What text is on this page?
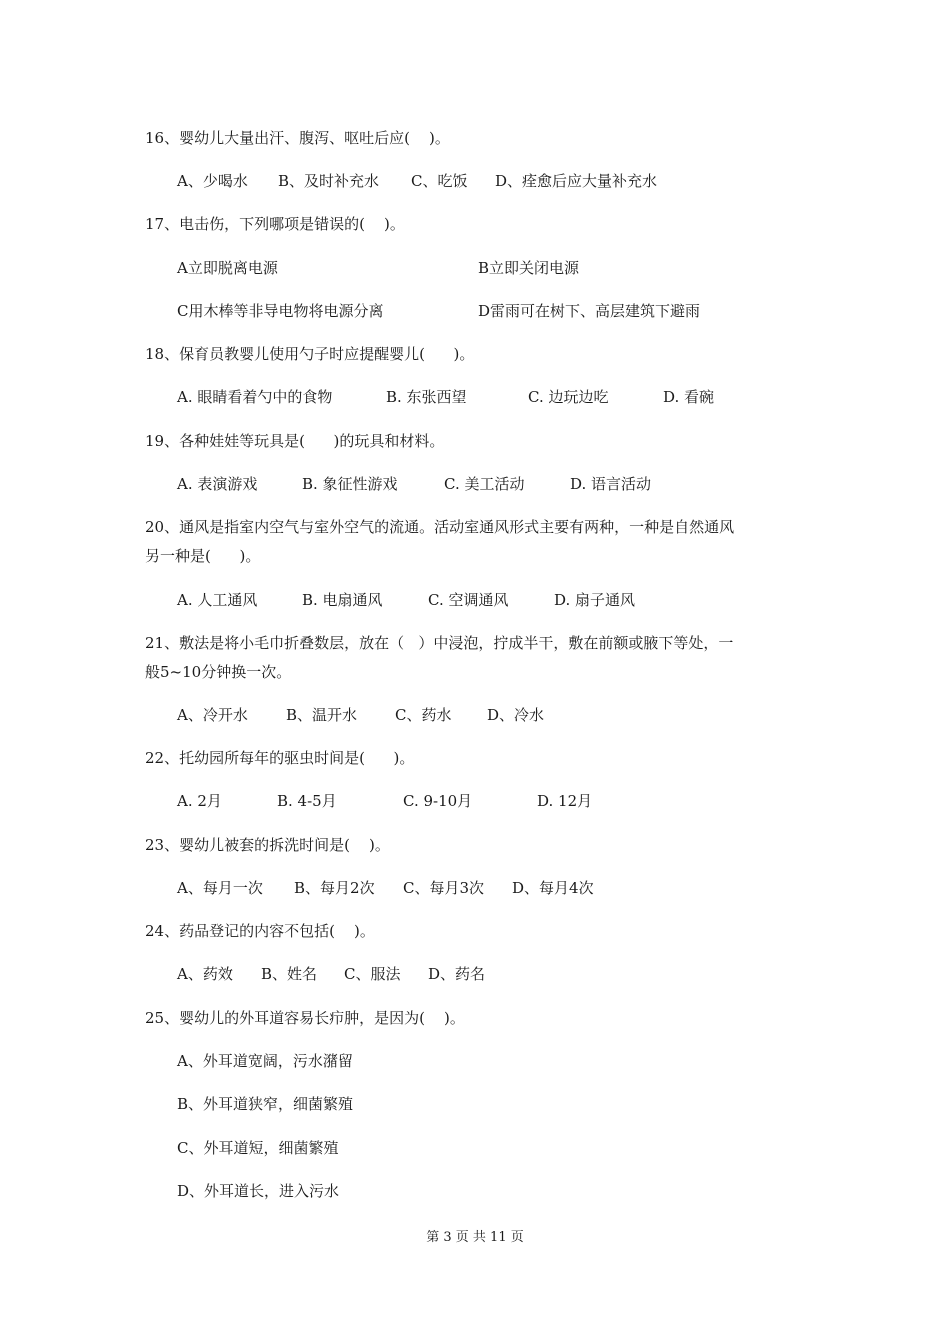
16、婴幼儿大量出汗、腹泻、呕吐后应(    )。
A、少喝水 B、及时补充水 C、吃饭 D、痊愈后应大量补充水
17、电击伤，下列哪项是错误的(    )。
A立即脱离电源	B立即关闭电源
C用木棒等非导电物将电源分离	D雷雨可在树下、高层建筑下避雨
18、保育员教婴儿使用勺子时应提醒婴儿(      )。
A. 眼睛看着勺中的食物	B. 东张西望	C. 边玩边吃	D. 看碗
19、各种娃娃等玩具是(      )的玩具和材料。
A. 表演游戏	B. 象征性游戏	C. 美工活动	D. 语言活动
20、通风是指室内空气与室外空气的流通。活动室通风形式主要有两种，一种是自然通风
另一种是(      )。
A. 人工通风	B. 电扇通风	C. 空调通风	D. 扇子通风
21、敷法是将小毛巾折叠数层，放在（   ）中浸泡，拧成半干，敷在前额或腋下等处，一
般5~10分钟换一次。
A、冷开水	B、温开水	C、药水 D、冷水
22、托幼园所每年的驱虫时间是(      )。
A. 2月	B. 4-5月	C. 9-10月	D. 12月
23、婴幼儿被套的拆洗时间是(    )。
A、每月一次 B、每月2次 C、每月3次 D、每月4次
24、药品登记的内容不包括(    )。
A、药效 B、姓名 C、服法 D、药名
25、婴幼儿的外耳道容易长疖肿，是因为(    )。
A、外耳道宽阔，污水潴留
B、外耳道狭窄，细菌繁殖
C、外耳道短，细菌繁殖
D、外耳道长，进入污水
第 3 页 共 11 页
